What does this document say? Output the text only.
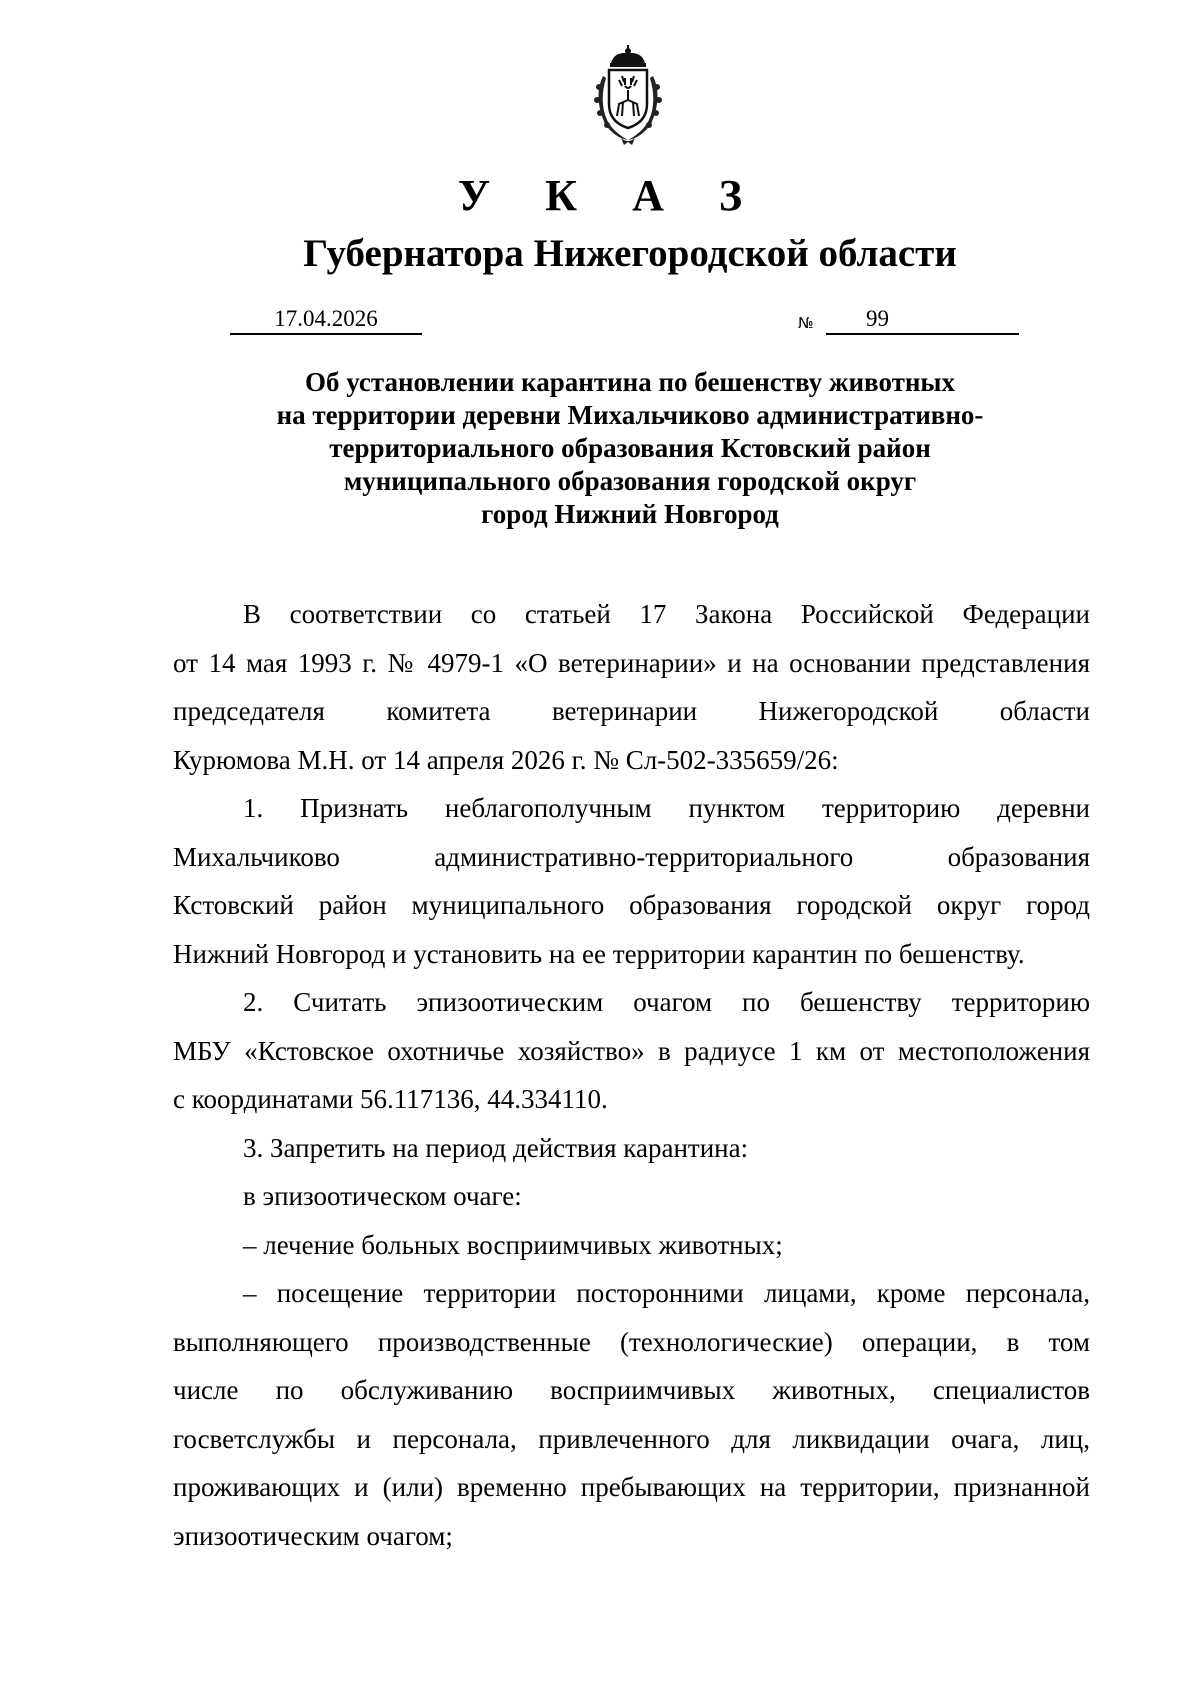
У К А З
Губернатора Нижегородской области
17.04.2026	№ 99
Об установлении карантина по бешенству животных
на территории деревни Михальчиково административно-
территориального образования Кстовский район
муниципального образования городской округ
город Нижний Новгород
В соответствии со статьей 17 Закона Российской Федерации
от 14 мая 1993 г. № 4979-1 «О ветеринарии» и на основании представления
председателя комитета ветеринарии Нижегородской области
Курюмова М.Н. от 14 апреля 2026 г. № Сл-502-335659/26:
1. Признать неблагополучным пунктом территорию деревни
Михальчиково административно-территориального образования
Кстовский район муниципального образования городской округ город
Нижний Новгород и установить на ее территории карантин по бешенству.
2. Считать эпизоотическим очагом по бешенству территорию
МБУ «Кстовское охотничье хозяйство» в радиусе 1 км от местоположения
с координатами 56.117136, 44.334110.
3. Запретить на период действия карантина:
в эпизоотическом очаге:
– лечение больных восприимчивых животных;
– посещение территории посторонними лицами, кроме персонала,
выполняющего производственные (технологические) операции, в том
числе по обслуживанию восприимчивых животных, специалистов
госветслужбы и персонала, привлеченного для ликвидации очага, лиц,
проживающих и (или) временно пребывающих на территории, признанной
эпизоотическим очагом;
